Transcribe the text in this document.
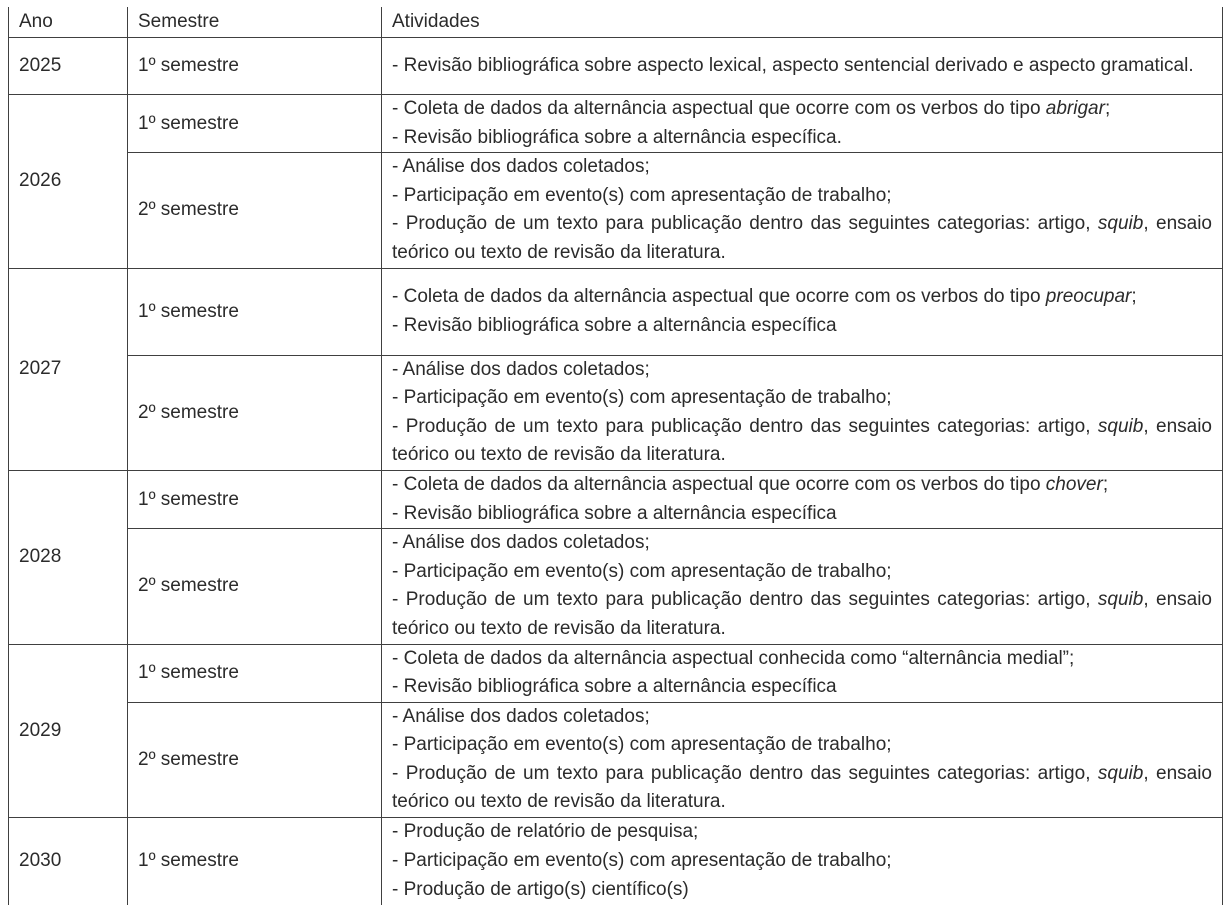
Ano	Semestre	Atividades
2025	1º semestre	- Revisão bibliográfica sobre aspecto lexical, aspecto sentencial derivado e aspecto gramatical.
2026	1º semestre	- Coleta de dados da alternância aspectual que ocorre com os verbos do tipo abrigar;
- Revisão bibliográfica sobre a alternância específica.

	2º semestre	- Análise dos dados coletados;
- Participação em evento(s) com apresentação de trabalho;
- Produção de um texto para publicação dentro das seguintes categorias: artigo, squib, ensaio teórico ou texto de revisão da literatura.
2027	1º semestre	- Coleta de dados da alternância aspectual que ocorre com os verbos do tipo preocupar;
- Revisão bibliográfica sobre a alternância específica

	2º semestre	- Análise dos dados coletados;
- Participação em evento(s) com apresentação de trabalho;
- Produção de um texto para publicação dentro das seguintes categorias: artigo, squib, ensaio teórico ou texto de revisão da literatura.
2028	1º semestre	- Coleta de dados da alternância aspectual que ocorre com os verbos do tipo chover;
- Revisão bibliográfica sobre a alternância específica

	2º semestre	- Análise dos dados coletados;
- Participação em evento(s) com apresentação de trabalho;
- Produção de um texto para publicação dentro das seguintes categorias: artigo, squib, ensaio teórico ou texto de revisão da literatura.
2029	1º semestre	- Coleta de dados da alternância aspectual conhecida como “alternância medial”;
- Revisão bibliográfica sobre a alternância específica

	2º semestre	- Análise dos dados coletados;
- Participação em evento(s) com apresentação de trabalho;
- Produção de um texto para publicação dentro das seguintes categorias: artigo, squib, ensaio teórico ou texto de revisão da literatura.
2030	1º semestre	- Produção de relatório de pesquisa;
- Participação em evento(s) com apresentação de trabalho;
- Produção de artigo(s) científico(s)
